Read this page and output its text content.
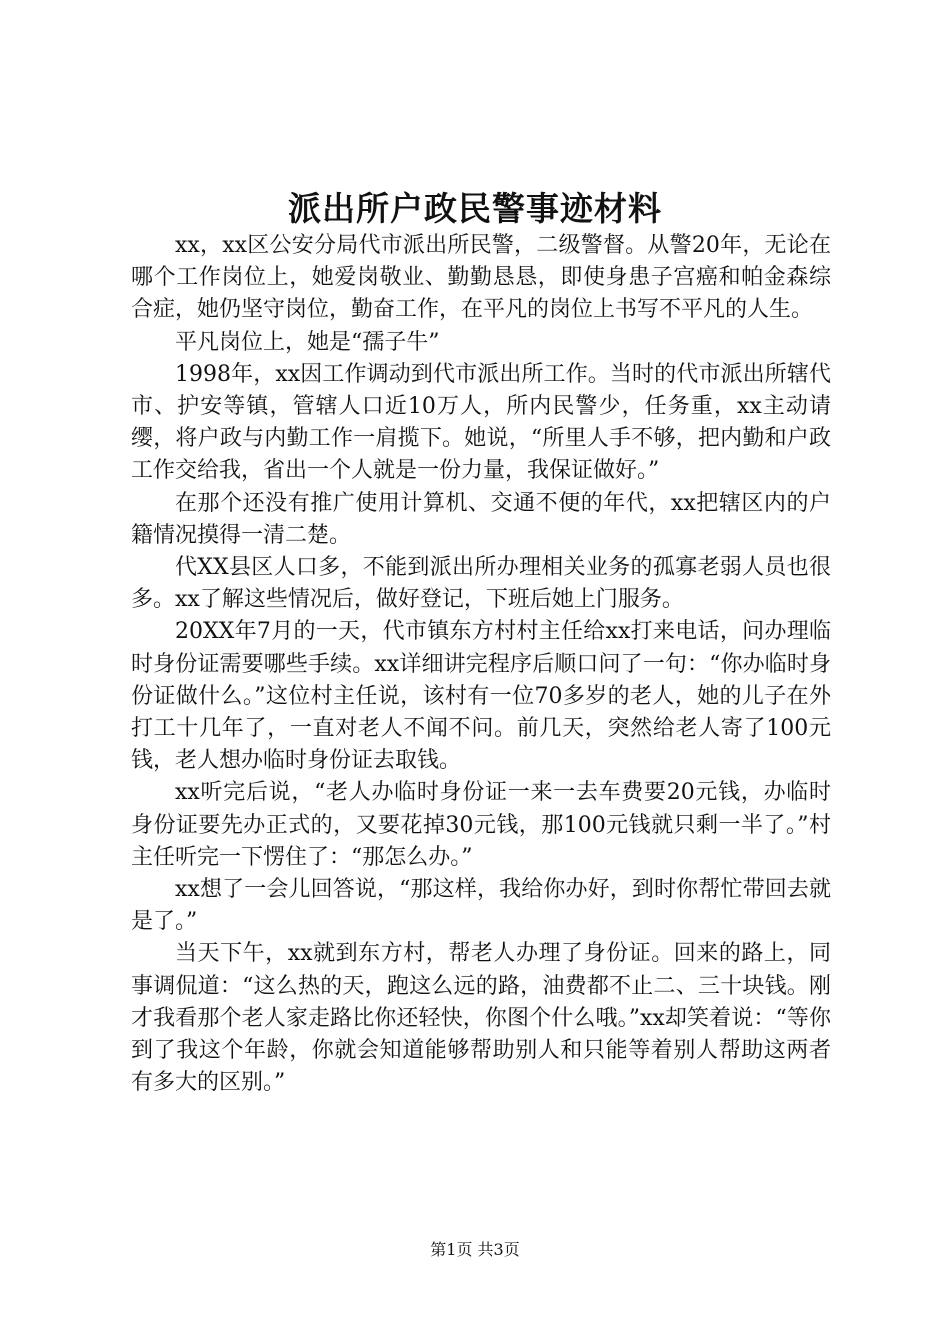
派出所户政民警事迹材料

xx，xx区公安分局代市派出所民警，二级警督。从警20年，无论在哪个工作岗位上，她爱岗敬业、勤勤恳恳，即使身患子宫癌和帕金森综合症，她仍坚守岗位，勤奋工作，在平凡的岗位上书写不平凡的人生。

平凡岗位上，她是“孺子牛”

1998年，xx因工作调动到代市派出所工作。当时的代市派出所辖代市、护安等镇，管辖人口近10万人，所内民警少，任务重，xx主动请缨，将户政与内勤工作一肩揽下。她说，“所里人手不够，把内勤和户政工作交给我，省出一个人就是一份力量，我保证做好。”

在那个还没有推广使用计算机、交通不便的年代，xx把辖区内的户籍情况摸得一清二楚。

代XX县区人口多，不能到派出所办理相关业务的孤寡老弱人员也很多。xx了解这些情况后，做好登记，下班后她上门服务。

20XX年7月的一天，代市镇东方村村主任给xx打来电话，问办理临时身份证需要哪些手续。xx详细讲完程序后顺口问了一句：“你办临时身份证做什么。”这位村主任说，该村有一位70多岁的老人，她的儿子在外打工十几年了，一直对老人不闻不问。前几天，突然给老人寄了100元钱，老人想办临时身份证去取钱。

xx听完后说，“老人办临时身份证一来一去车费要20元钱，办临时身份证要先办正式的，又要花掉30元钱，那100元钱就只剩一半了。”村主任听完一下愣住了：“那怎么办。”

xx想了一会儿回答说，“那这样，我给你办好，到时你帮忙带回去就是了。”

当天下午，xx就到东方村，帮老人办理了身份证。回来的路上，同事调侃道：“这么热的天，跑这么远的路，油费都不止二、三十块钱。刚才我看那个老人家走路比你还轻快，你图个什么哦。”xx却笑着说：“等你到了我这个年龄，你就会知道能够帮助别人和只能等着别人帮助这两者有多大的区别。”

第1页 共3页
